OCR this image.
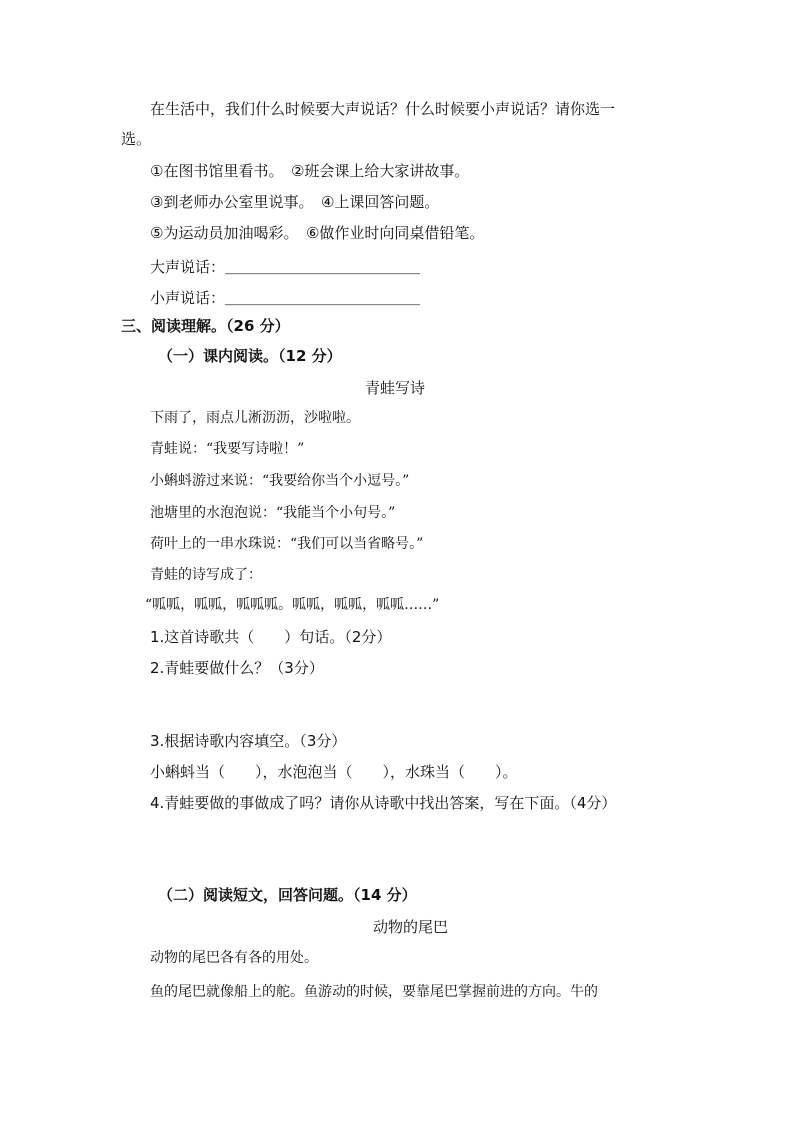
在生活中，我们什么时候要大声说话？什么时候要小声说话？请你选一
选。
①在图书馆里看书。　②班会课上给大家讲故事。
③到老师办公室里说事。　④上课回答问题。
⑤为运动员加油喝彩。　⑥做作业时向同桌借铅笔。
大声说话：＿＿＿＿＿＿＿＿＿＿＿＿＿
小声说话：＿＿＿＿＿＿＿＿＿＿＿＿＿
三、阅读理解。（26 分）
（一）课内阅读。（12 分）
青蛙写诗
下雨了，雨点儿淅沥沥，沙啦啦。
青蛙说：“我要写诗啦！”
小蝌蚪游过来说：“我要给你当个小逗号。”
池塘里的水泡泡说：“我能当个小句号。”
荷叶上的一串水珠说：“我们可以当省略号。”
青蛙的诗写成了：
“呱呱，呱呱，呱呱呱。呱呱，呱呱，呱呱……”
1.这首诗歌共（　　）句话。（2分）
2.青蛙要做什么？（3分）
3.根据诗歌内容填空。（3分）
小蝌蚪当（　　），水泡泡当（　　），水珠当（　　）。
4.青蛙要做的事做成了吗？请你从诗歌中找出答案，写在下面。（4分）
（二）阅读短文，回答问题。（14 分）
动物的尾巴
动物的尾巴各有各的用处。
鱼的尾巴就像船上的舵。鱼游动的时候，要靠尾巴掌握前进的方向。牛的
